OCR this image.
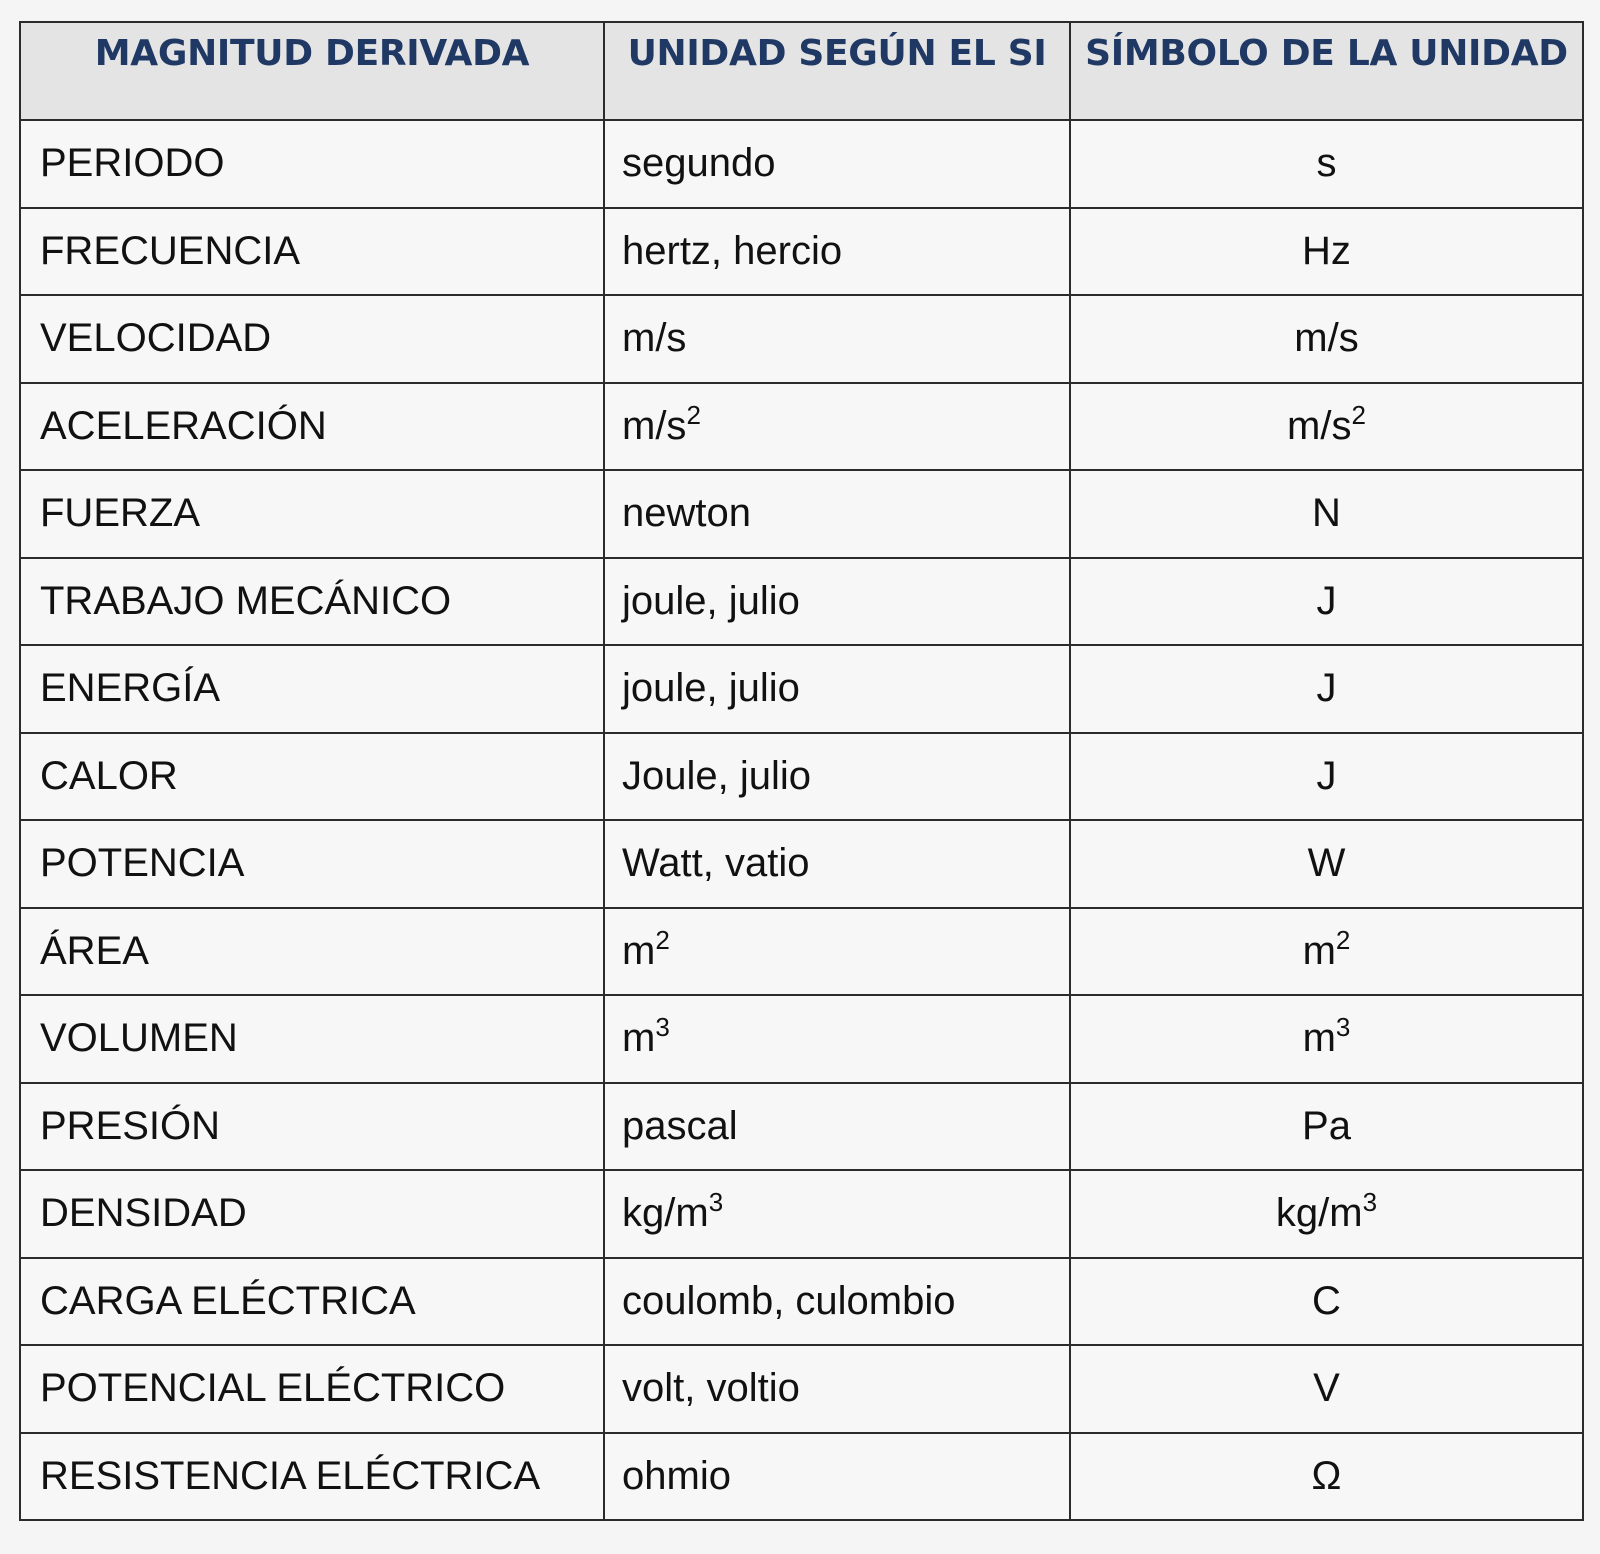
MAGNITUD DERIVADA	UNIDAD SEGÚN EL SI	SÍMBOLO DE LA UNIDAD
PERIODO	segundo	s
FRECUENCIA	hertz, hercio	Hz
VELOCIDAD	m/s	m/s
ACELERACIÓN	$m/s^2$	$m/s^2$
FUERZA	newton	N
TRABAJO MECÁNICO	joule, julio	J
ENERGÍA	joule, julio	J
CALOR	Joule, julio	J
POTENCIA	Watt, vatio	W
ÁREA	$m^2$	$m^2$
VOLUMEN	$m^3$	$m^3$
PRESIÓN	pascal	Pa
DENSIDAD	$kg/m^3$	$kg/m^3$
CARGA ELÉCTRICA	coulomb, culombio	C
POTENCIAL ELÉCTRICO	volt, voltio	V
RESISTENCIA ELÉCTRICA	ohmio	Ω
